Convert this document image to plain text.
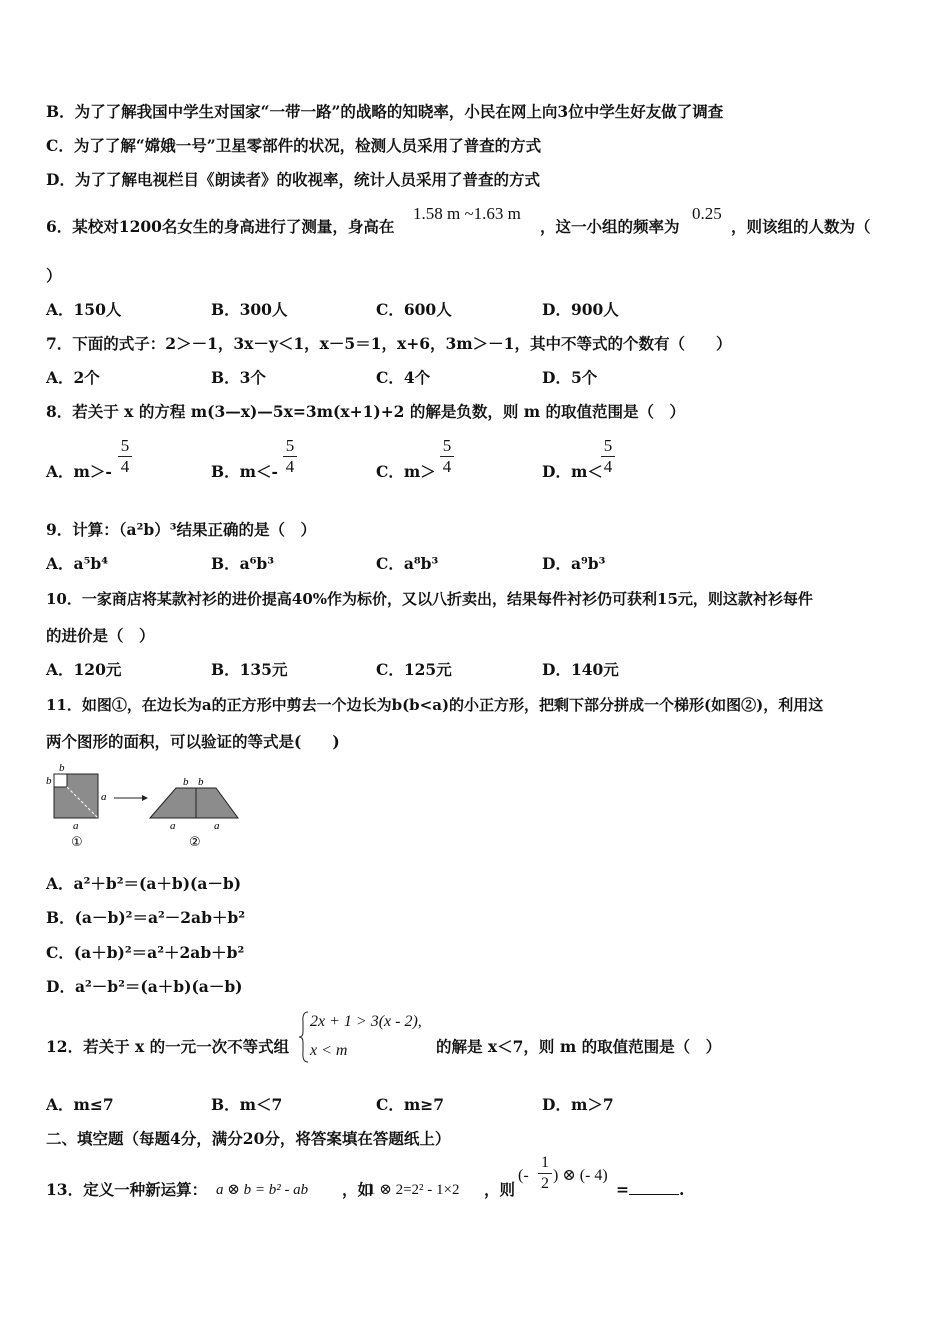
B．为了了解我国中学生对国家“一带一路”的战略的知晓率，小民在网上向3位中学生好友做了调查
C．为了了解“嫦娥一号”卫星零部件的状况，检测人员采用了普查的方式
D．为了了解电视栏目《朗读者》的收视率，统计人员采用了普查的方式
6．某校对1200名女生的身高进行了测量，身高在
1.58 m ~1.63 m
，这一小组的频率为
0.25
，则该组的人数为（
）
A．150人	B．300人	C．600人	D．900人
7．下面的式子：2＞－1，3x－y＜1，x－5＝1，x+6，3m＞－1，其中不等式的个数有（　　）
A．2个	B．3个	C．4个	D．5个
8．若关于 x 的方程 m(3—x)—5x=3m(x+1)+2 的解是负数，则 m 的取值范围是（　）
A．m＞-
5
4	B．m＜-
5
4	C．m＞
5
4	D．m＜
5
4
9．计算：（a²b）³结果正确的是（　）
A．a⁵b⁴	B．a⁶b³	C．a⁸b³	D．a⁹b³
10．一家商店将某款衬衫的进价提高40%作为标价，又以八折卖出，结果每件衬衫仍可获利15元，则这款衬衫每件
的进价是（　）
A．120元	B．135元	C．125元	D．140元
11．如图①，在边长为a的正方形中剪去一个边长为b(b<a)的小正方形，把剩下部分拼成一个梯形(如图②)，利用这
两个图形的面积，可以验证的等式是(　　)
b
b
a
a
①
b b
a	a
②
A．a²＋b²＝(a＋b)(a－b)
B．(a－b)²＝a²－2ab＋b²
C．(a＋b)²＝a²＋2ab＋b²
D．a²－b²＝(a＋b)(a－b)
12．若关于 x 的一元一次不等式组
2x + 1 > 3(x - 2),
x < m	的解是 x＜7，则 m 的取值范围是（　）
A．m≤7	B．m＜7	C．m≥7	D．m＞7
二、填空题（每题4分，满分20分，将答案填在答题纸上）
13．定义一种新运算： a ⊗ b = b² - ab ，如
1 ⊗ 2=2² - 1×2 ，则
(-
1
2 ) ⊗ (- 4)
=	.
